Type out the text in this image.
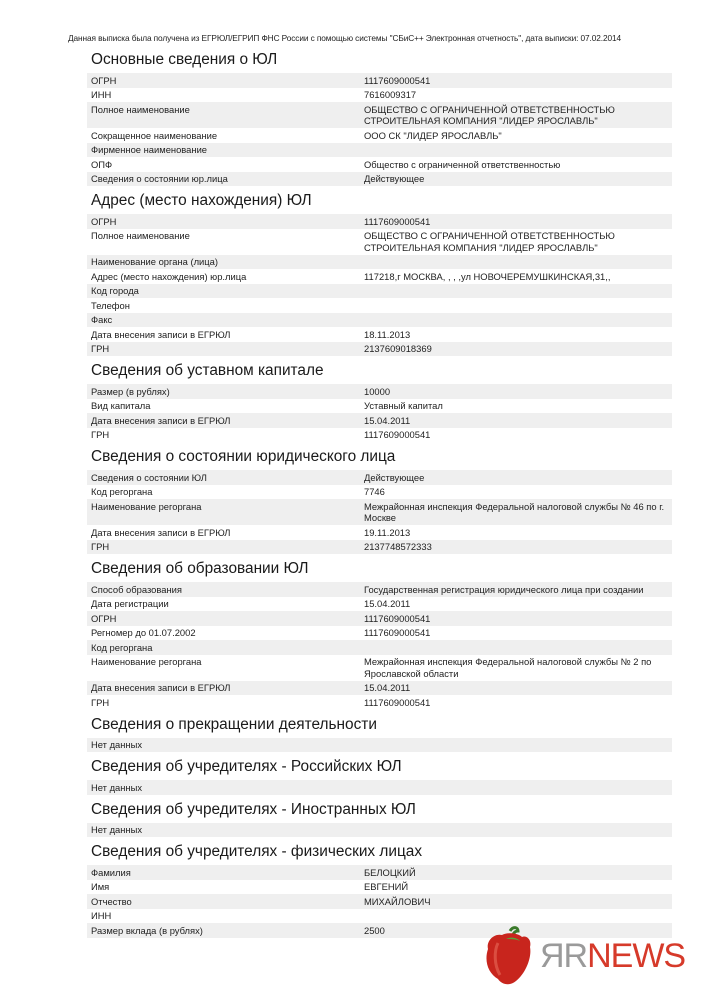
Данная выписка была получена из ЕГРЮЛ/ЕГРИП ФНС России с помощью системы "СБиС++ Электронная отчетность", дата выписки: 07.02.2014
Основные сведения о ЮЛ
ОГРН	1117609000541
ИНН	7616009317
Полное наименование	ОБЩЕСТВО С ОГРАНИЧЕННОЙ ОТВЕТСТВЕННОСТЬЮ СТРОИТЕЛЬНАЯ КОМПАНИЯ "ЛИДЕР ЯРОСЛАВЛЬ"
Сокращенное наименование	ООО СК "ЛИДЕР ЯРОСЛАВЛЬ"
Фирменное наименование
ОПФ	Общество с ограниченной ответственностью
Сведения о состоянии юр.лица	Действующее
Адрес (место нахождения) ЮЛ
ОГРН	1117609000541
Полное наименование	ОБЩЕСТВО С ОГРАНИЧЕННОЙ ОТВЕТСТВЕННОСТЬЮ СТРОИТЕЛЬНАЯ КОМПАНИЯ "ЛИДЕР ЯРОСЛАВЛЬ"
Наименование органа (лица)
Адрес (место нахождения) юр.лица	117218,г МОСКВА, , , ,ул НОВОЧЕРЕМУШКИНСКАЯ,31,,
Код города
Телефон
Факс
Дата внесения записи в ЕГРЮЛ	18.11.2013
ГРН	2137609018369
Сведения об уставном капитале
Размер (в рублях)	10000
Вид капитала	Уставный капитал
Дата внесения записи в ЕГРЮЛ	15.04.2011
ГРН	1117609000541
Сведения о состоянии юридического лица
Сведения о состоянии ЮЛ	Действующее
Код регоргана	7746
Наименование регоргана	Межрайонная инспекция Федеральной налоговой службы № 46 по г. Москве
Дата внесения записи в ЕГРЮЛ	19.11.2013
ГРН	2137748572333
Сведения об образовании ЮЛ
Способ образования	Государственная регистрация юридического лица при создании
Дата регистрации	15.04.2011
ОГРН	1117609000541
Регномер до 01.07.2002	1117609000541
Код регоргана
Наименование регоргана	Межрайонная инспекция Федеральной налоговой службы № 2 по Ярославской области
Дата внесения записи в ЕГРЮЛ	15.04.2011
ГРН	1117609000541
Сведения о прекращении деятельности
Нет данных
Сведения об учредителях - Российских ЮЛ
Нет данных
Сведения об учредителях - Иностранных ЮЛ
Нет данных
Сведения об учредителях - физических лицах
Фамилия	БЕЛОЦКИЙ
Имя	ЕВГЕНИЙ
Отчество	МИХАЙЛОВИЧ
ИНН
Размер вклада (в рублях)	2500
ЯRNEWS
